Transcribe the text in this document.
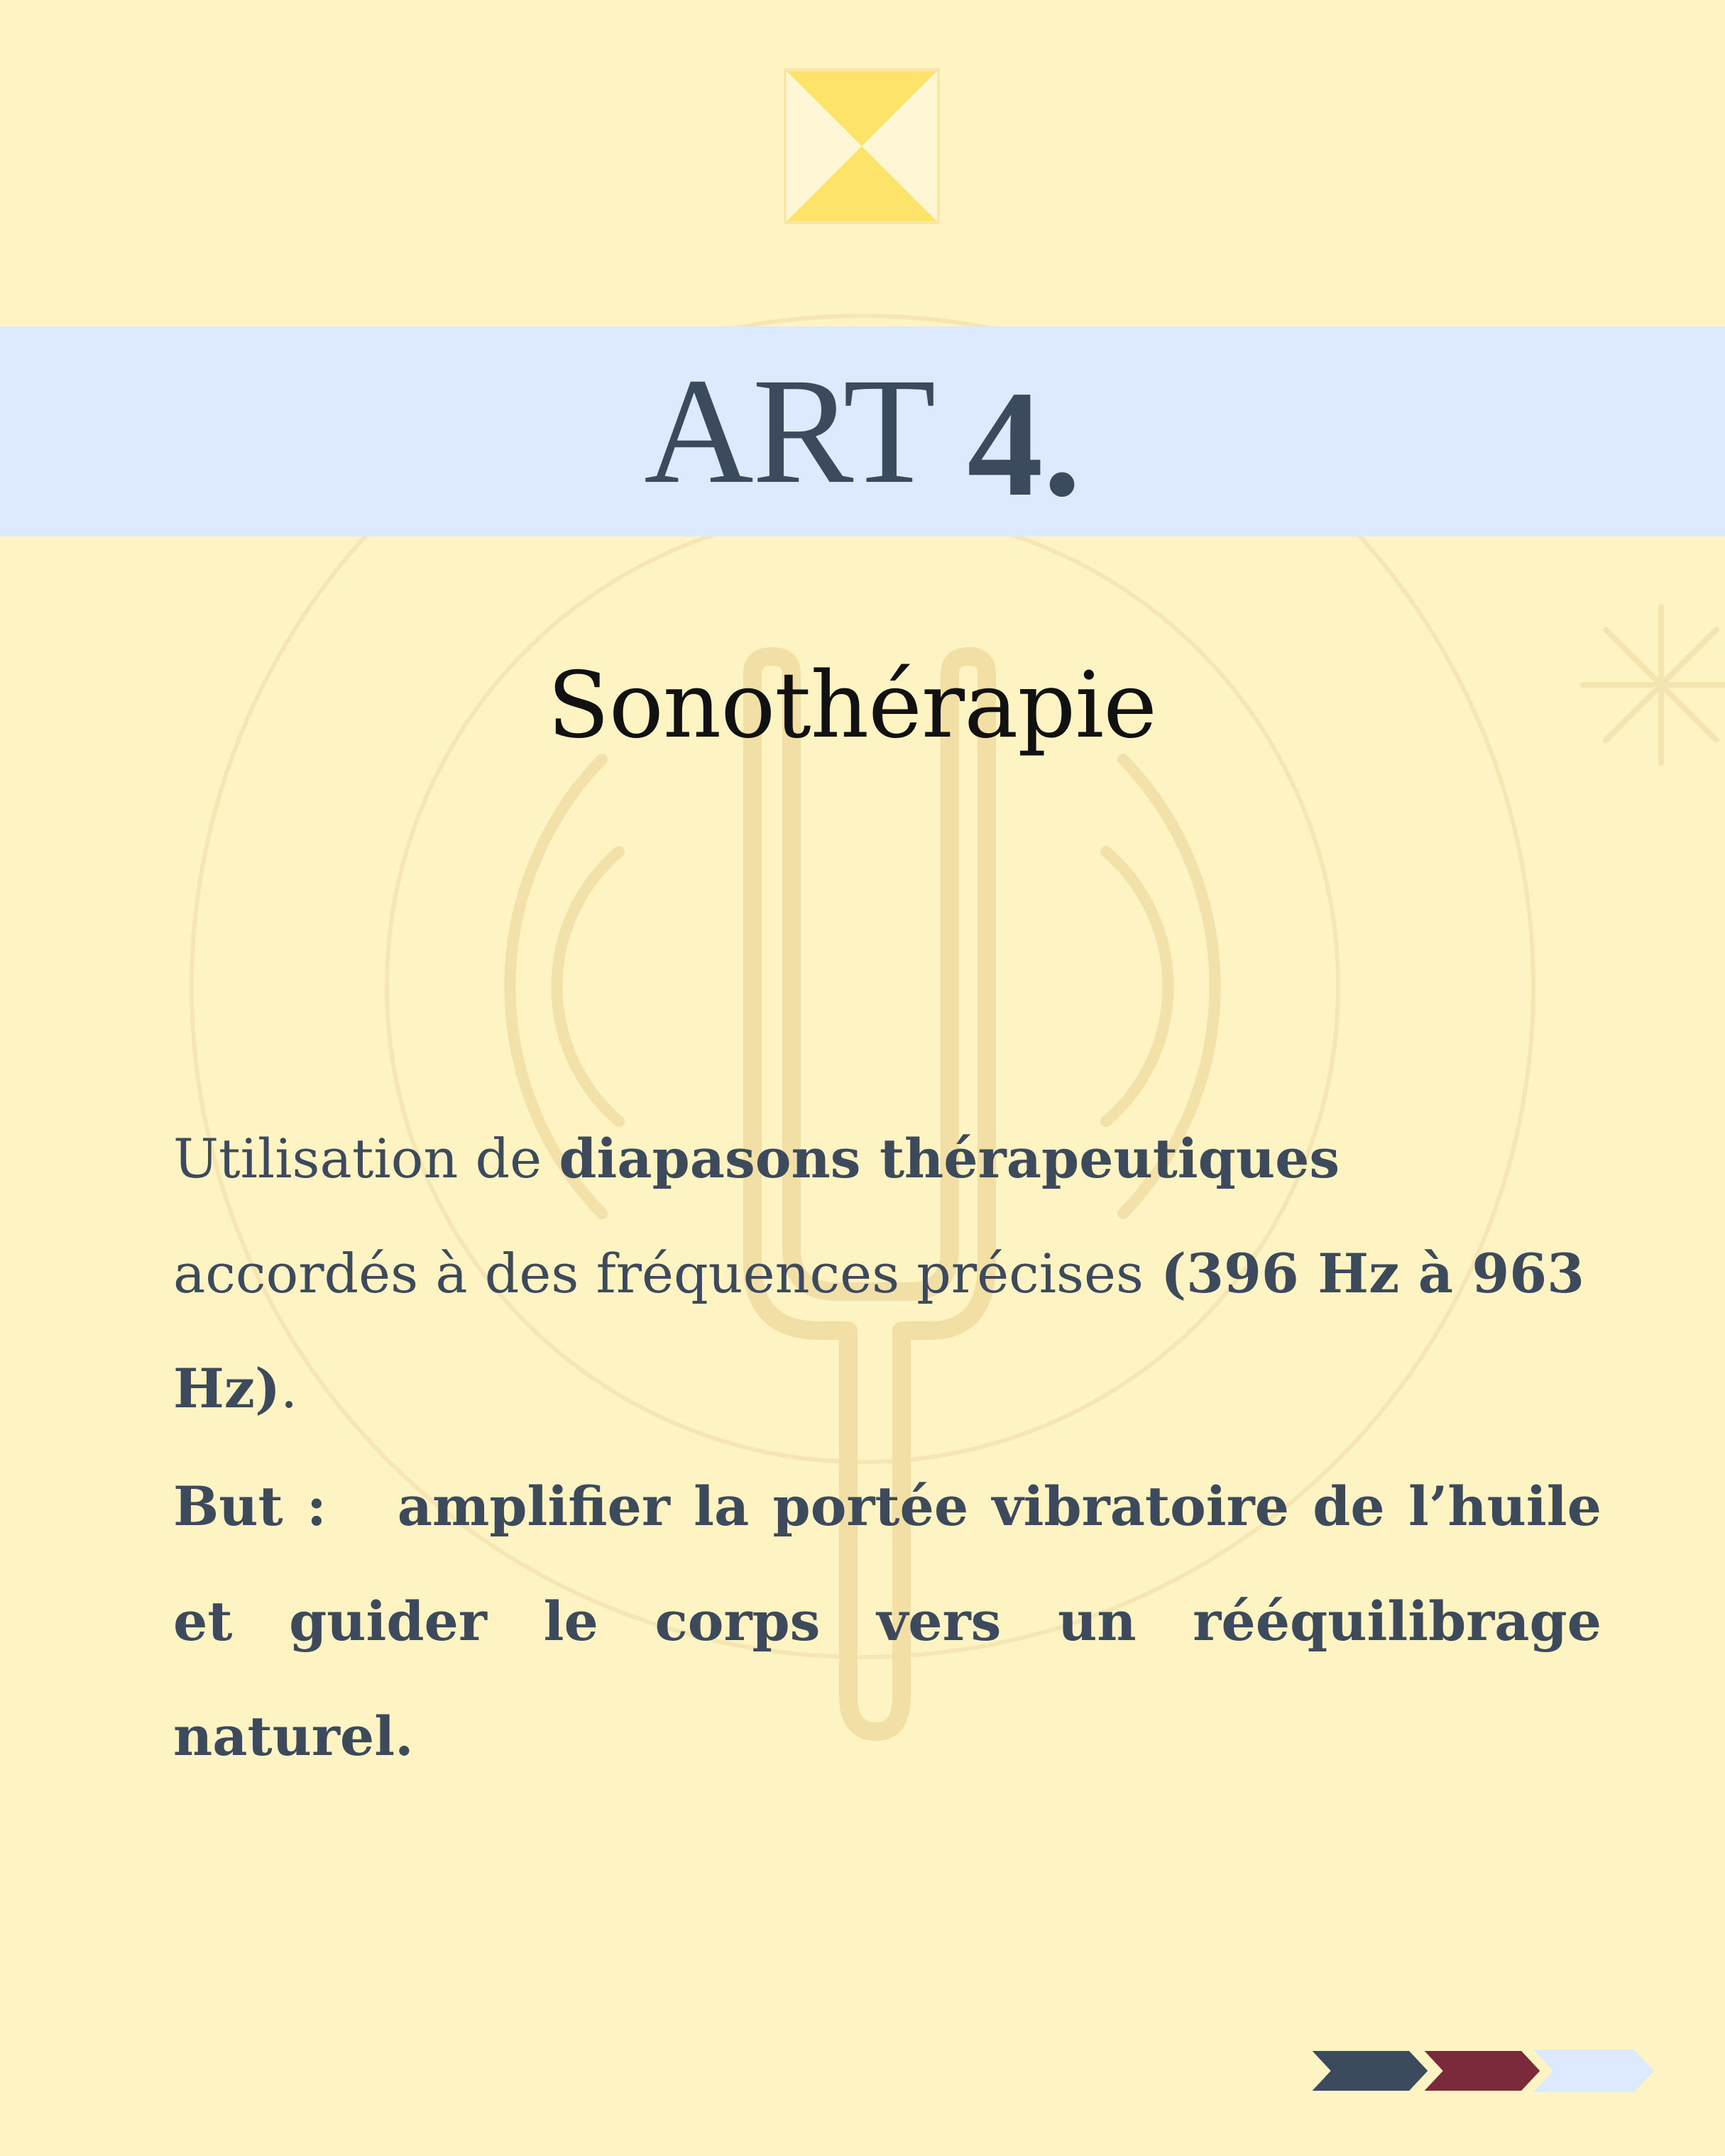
ART 4.
Sonothérapie

Utilisation de diapasons thérapeutiques accordés à des fréquences précises (396 Hz à 963 Hz).

But : amplifier la portée vibratoire de l’huile et guider le corps vers un rééquilibrage naturel.
